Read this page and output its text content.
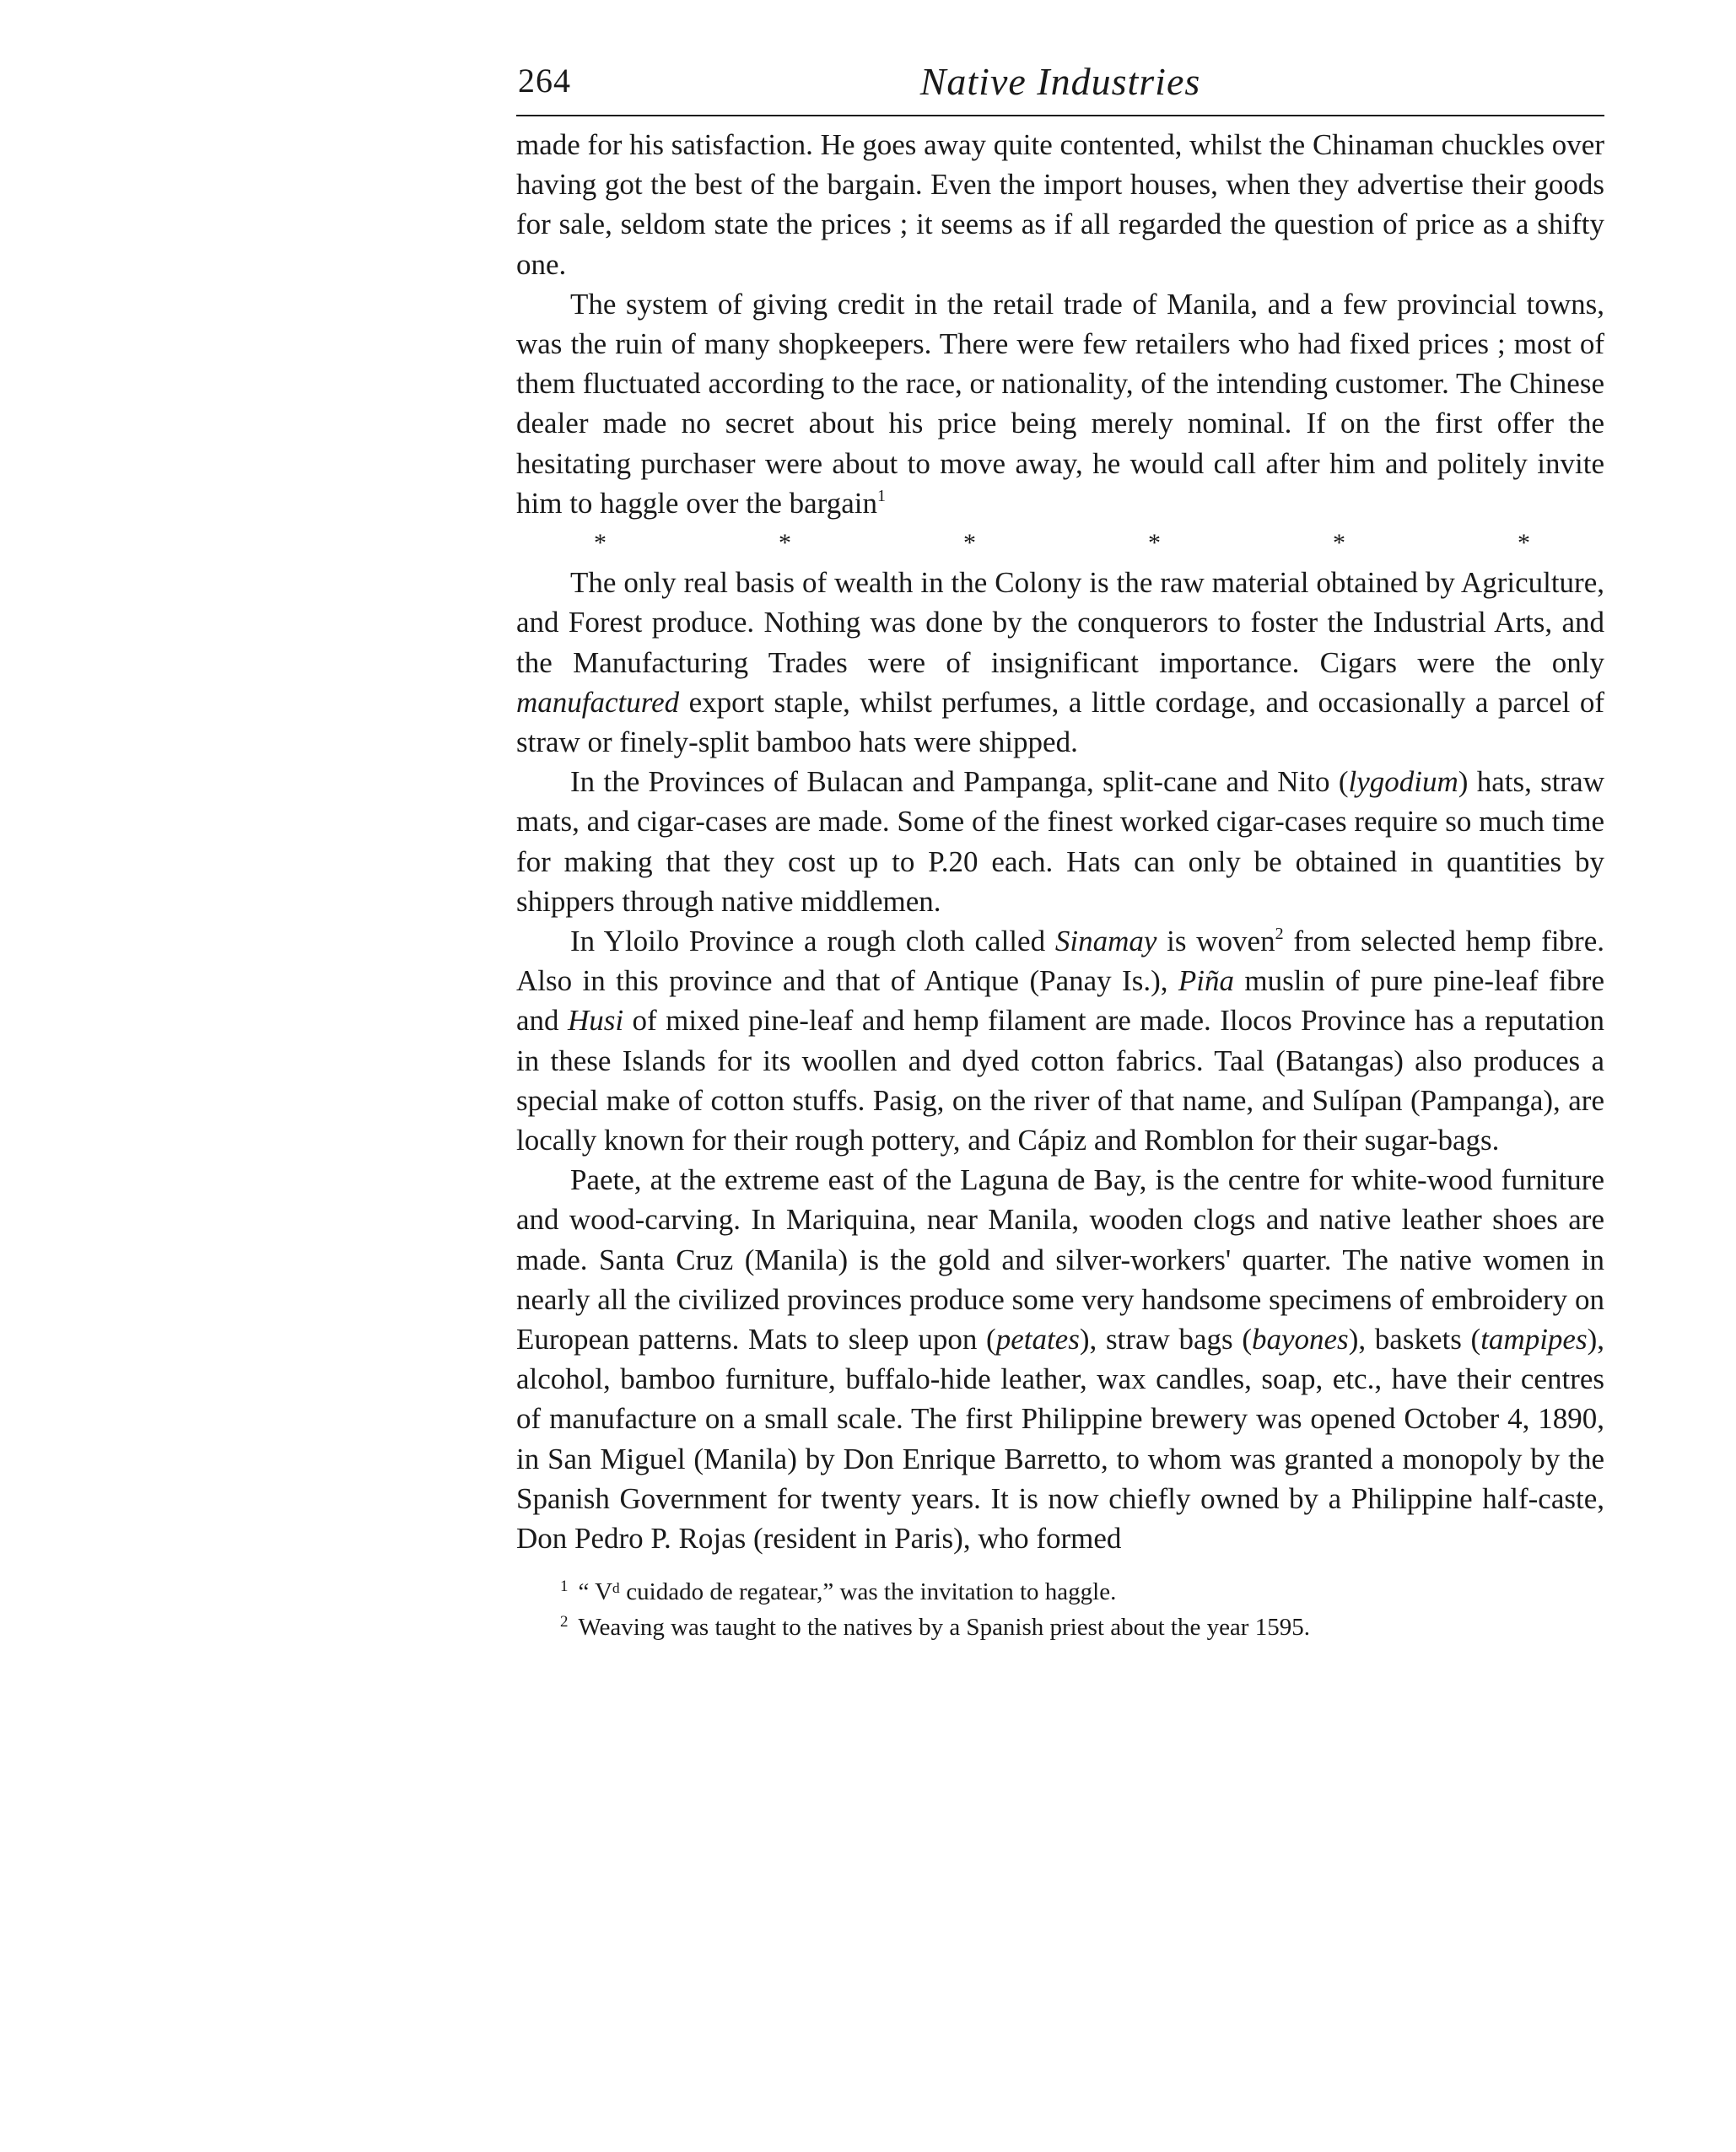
264	Native Industries

made for his satisfaction. He goes away quite contented, whilst the Chinaman chuckles over having got the best of the bargain. Even the import houses, when they advertise their goods for sale, seldom state the prices ; it seems as if all regarded the question of price as a shifty one.

The system of giving credit in the retail trade of Manila, and a few provincial towns, was the ruin of many shopkeepers. There were few retailers who had fixed prices ; most of them fluctuated according to the race, or nationality, of the intending customer. The Chinese dealer made no secret about his price being merely nominal. If on the first offer the hesitating purchaser were about to move away, he would call after him and politely invite him to haggle over the bargain$^1$

*	*	*	*	*	*

The only real basis of wealth in the Colony is the raw material obtained by Agriculture, and Forest produce. Nothing was done by the conquerors to foster the Industrial Arts, and the Manufacturing Trades were of insignificant importance. Cigars were the only manufactured export staple, whilst perfumes, a little cordage, and occasionally a parcel of straw or finely-split bamboo hats were shipped.

In the Provinces of Bulacan and Pampanga, split-cane and Nito (lygodium) hats, straw mats, and cigar-cases are made. Some of the finest worked cigar-cases require so much time for making that they cost up to P.20 each. Hats can only be obtained in quantities by shippers through native middlemen.

In Yloilo Province a rough cloth called Sinamay is woven$^2$ from selected hemp fibre. Also in this province and that of Antique (Panay Is.), Piña muslin of pure pine-leaf fibre and Husi of mixed pine-leaf and hemp filament are made. Ilocos Province has a reputation in these Islands for its woollen and dyed cotton fabrics. Taal (Batangas) also produces a special make of cotton stuffs. Pasig, on the river of that name, and Sulípan (Pampanga), are locally known for their rough pottery, and Cápiz and Romblon for their sugar-bags.

Paete, at the extreme east of the Laguna de Bay, is the centre for white-wood furniture and wood-carving. In Mariquina, near Manila, wooden clogs and native leather shoes are made. Santa Cruz (Manila) is the gold and silver-workers' quarter. The native women in nearly all the civilized provinces produce some very handsome specimens of embroidery on European patterns. Mats to sleep upon (petates), straw bags (bayones), baskets (tampipes), alcohol, bamboo furniture, buffalo-hide leather, wax candles, soap, etc., have their centres of manufacture on a small scale. The first Philippine brewery was opened October 4, 1890, in San Miguel (Manila) by Don Enrique Barretto, to whom was granted a monopoly by the Spanish Government for twenty years. It is now chiefly owned by a Philippine half-caste, Don Pedro P. Rojas (resident in Paris), who formed

$^1$ “ Vᵈ cuidado de regatear,” was the invitation to haggle.
$^2$ Weaving was taught to the natives by a Spanish priest about the year 1595.
